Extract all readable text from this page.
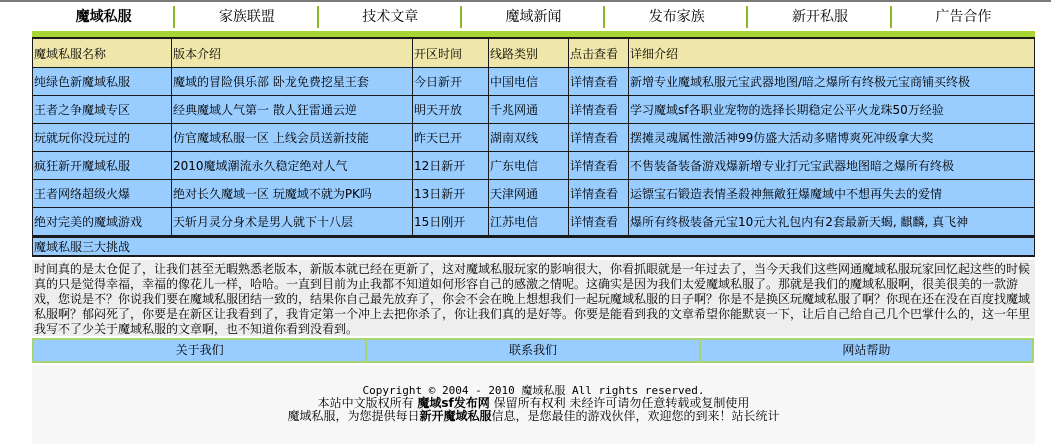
魔域私服	家族联盟	技术文章	魔域新闻	发布家族	新开私服	广告合作
魔域私服名称	版本介绍	开区时间	线路类别	点击查看	详细介绍
纯绿色新魔域私服	魔域的冒险俱乐部 卧龙免费挖星王套	今日新开	中国电信	详情查看	新增专业魔域私服元宝武器地图/暗之爆所有终极元宝商铺买终极
王者之争魔域专区	经典魔域人气第一 散人狂雷通云逆	明天开放	千兆网通	详情查看	学习魔域sf各职业宠物的选择长期稳定公平火龙珠50万经验
玩就玩你没玩过的	仿官魔域私服一区 上线会员送新技能	昨天已开	湖南双线	详情查看	摆摊灵魂属性激活神99仿盛大活动多赌博爽死冲级拿大奖
疯狂新开魔域私服	2010魔域潮流永久稳定绝对人气	12日新开	广东电信	详情查看	不售装备装备游戏爆新增专业打元宝武器地图暗之爆所有终极
王者网络超级火爆	绝对长久魔域一区 玩魔域不就为PK吗	13日新开	天津网通	详情查看	运镖宝石锻造表情圣殺神無敵狂爆魔域中不想再失去的爱情
绝对完美的魔域游戏	天斩月灵分身术是男人就下十八层	15日刚开	江苏电信	详情查看	爆所有终极装备元宝10元大礼包内有2套最新天蝎, 麒麟, 真飞神
魔域私服三大挑战					

时间真的是太仓促了，让我们甚至无暇熟悉老版本，新版本就已经在更新了，这对魔域私服玩家的影响很大，你看抓眼就是一年过去了，当今天我们这些网通魔域私服玩家回忆起这些的时候真的只是觉得幸福，幸福的像花儿一样，哈哈。一直到目前为止我都不知道如何形容自己的感激之情呢。这确实是因为我们太爱魔域私服了。那就是我们的魔域私服啊，很美很美的一款游戏，您说是不？你说我们要在魔域私服团结一致的，结果你自己最先放弃了，你会不会在晚上想想我们一起玩魔域私服的日子啊？你是不是换区玩魔域私服了啊？你现在还在没在百度找魔域私服啊？郁闷死了，你要是在新区让我看到了，我肯定第一个冲上去把你杀了，你让我们真的是好等。你要是能看到我的文章希望你能默哀一下，让后自己给自己几个巴掌什么的，这一年里我写不了少关于魔域私服的文章啊，也不知道你看到没看到。

关于我们	联系我们	网站帮助
Copyright © 2004 - 2010 魔域私服 All rights reserved.
本站中文版权所有 魔域sf发布网 保留所有权利 未经许可请勿任意转载或复制使用
魔域私服，为您提供每日新开魔域私服信息，是您最佳的游戏伙伴，欢迎您的到来！站长统计
